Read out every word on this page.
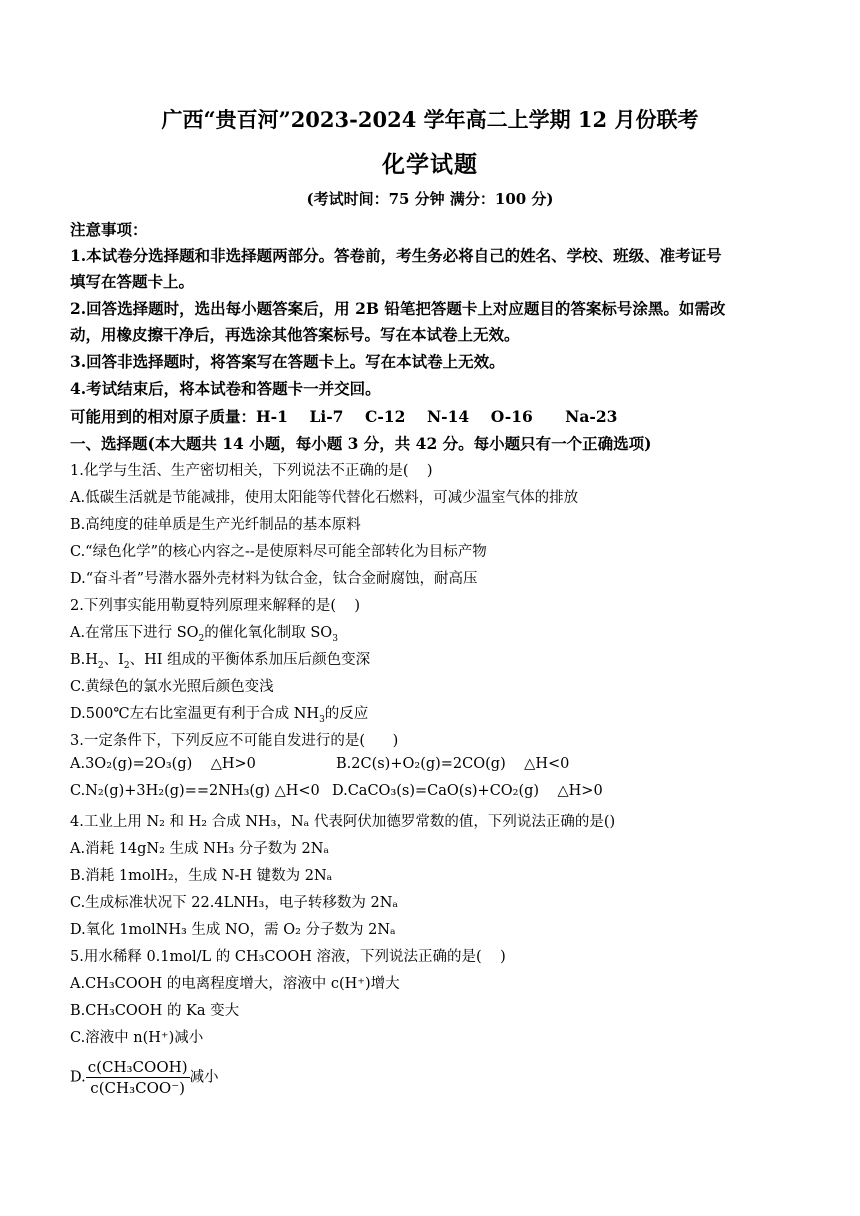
广西“贵百河”2023-2024 学年高二上学期 12 月份联考
化学试题
(考试时间：75 分钟 满分：100 分)
注意事项：
1.本试卷分选择题和非选择题两部分。答卷前，考生务必将自己的姓名、学校、班级、准考证号
填写在答题卡上。
2.回答选择题时，选出每小题答案后，用 2B 铅笔把答题卡上对应题目的答案标号涂黑。如需改
动，用橡皮擦干净后，再选涂其他答案标号。写在本试卷上无效。
3.回答非选择题时，将答案写在答题卡上。写在本试卷上无效。
4.考试结束后，将本试卷和答题卡一并交回。
可能用到的相对原子质量：H-1    Li-7    C-12    N-14    O-16      Na-23
一、选择题(本大题共 14 小题，每小题 3 分，共 42 分。每小题只有一个正确选项)
1.化学与生活、生产密切相关，下列说法不正确的是(    )
A.低碳生活就是节能减排，使用太阳能等代替化石燃料，可减少温室气体的排放
B.高纯度的硅单质是生产光纤制品的基本原料
C.“绿色化学”的核心内容之--是使原料尽可能全部转化为目标产物
D.“奋斗者”号潜水器外壳材料为钛合金，钛合金耐腐蚀，耐高压
2.下列事实能用勒夏特列原理来解释的是(    )
A.在常压下进行 $SO_2$的催化氧化制取 $SO_3$
$B.H_2$、$I_2$、HI 组成的平衡体系加压后颜色变深
C.黄绿色的氯水光照后颜色变浅
D.500℃左右比室温更有利于合成 $NH_3$的反应
3.一定条件下，下列反应不可能自发进行的是(      )
A.3O₂(g)=2O₃(g)    △H>0	B.2C(s)+O₂(g)=2CO(g)    △H<0
C.N₂(g)+3H₂(g)==2NH₃(g) △H<0 D.CaCO₃(s)=CaO(s)+CO₂(g)    △H>0
4.工业上用 N₂ 和 H₂ 合成 NH₃，Nₐ 代表阿伏加德罗常数的值，下列说法正确的是()
A.消耗 14gN₂ 生成 NH₃ 分子数为 2Nₐ
B.消耗 1molH₂，生成 N-H 键数为 2Nₐ
C.生成标准状况下 22.4LNH₃，电子转移数为 2Nₐ
D.氧化 1molNH₃ 生成 NO，需 O₂ 分子数为 2Nₐ
5.用水稀释 0.1mol/L 的 CH₃COOH 溶液，下列说法正确的是(    )
A.CH₃COOH 的电离程度增大，溶液中 c(H⁺)增大
B.CH₃COOH 的 Ka 变大
C.溶液中 n(H⁺)减小
D. $\frac{\text{c(CH₃COOH)}}{\text{c(CH₃COO⁻)}}$ 减小
